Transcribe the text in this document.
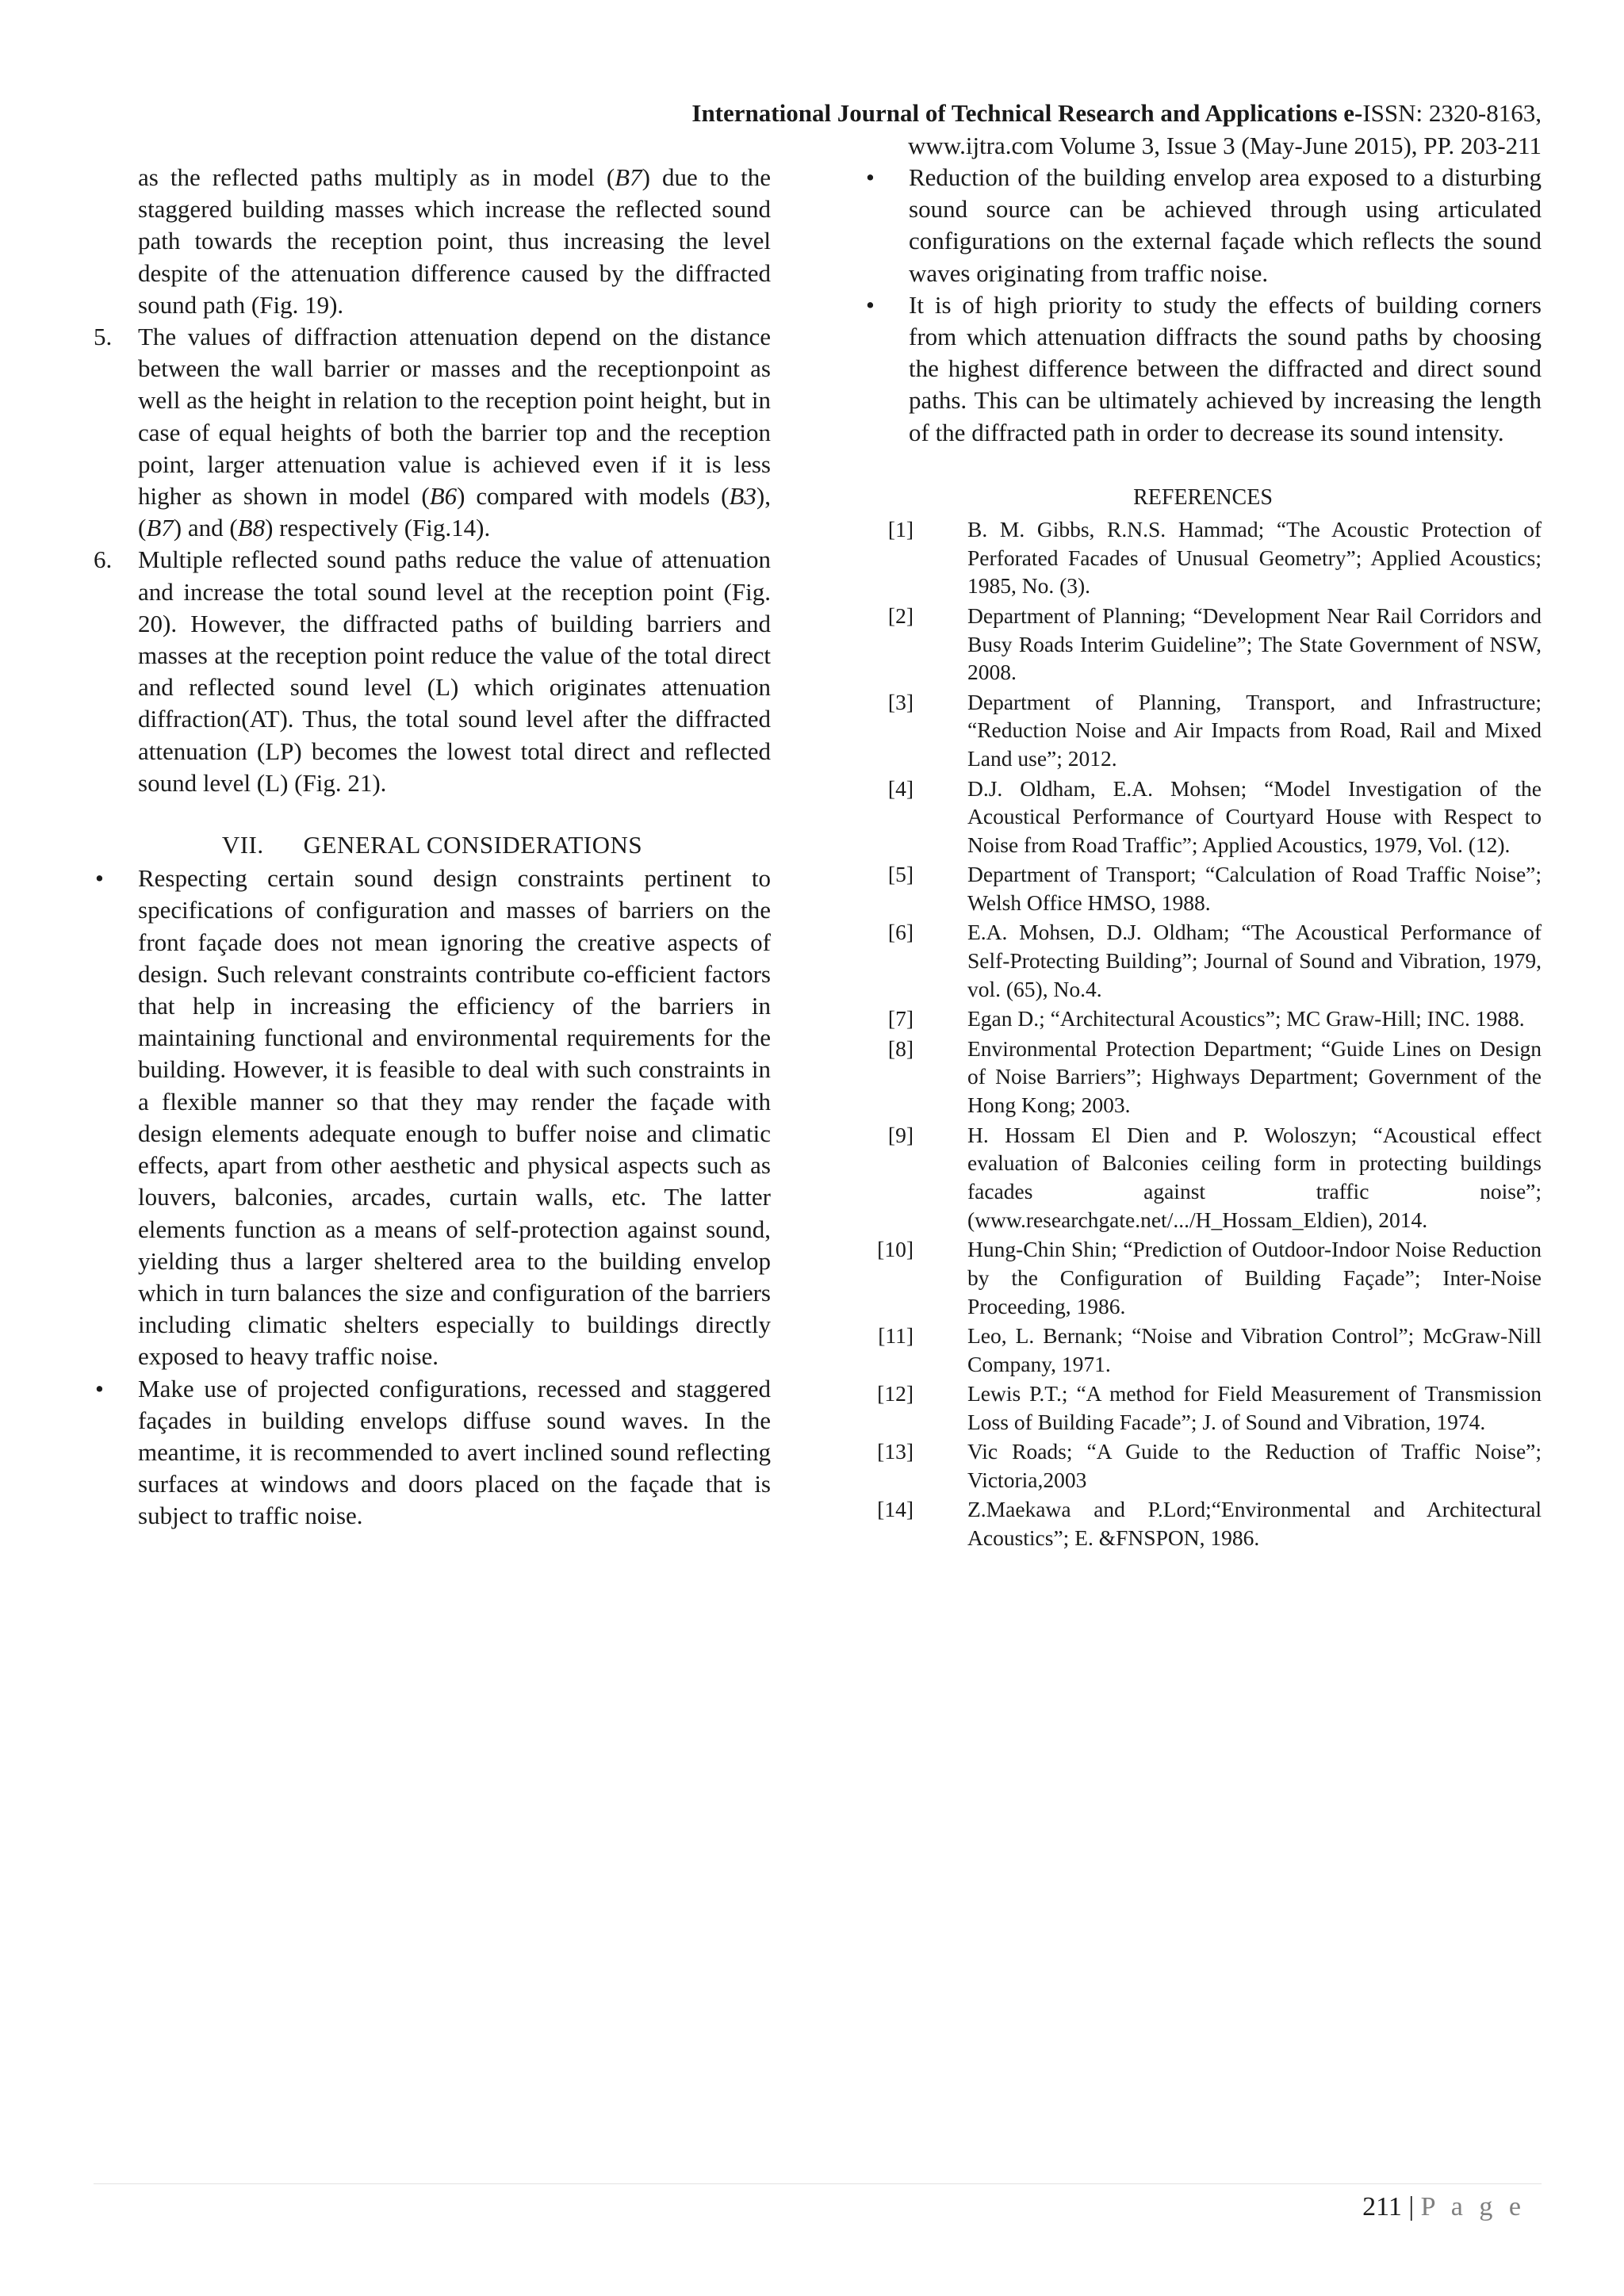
International Journal of Technical Research and Applications e-ISSN: 2320-8163,
www.ijtra.com Volume 3, Issue 3 (May-June 2015), PP. 203-211

as the reflected paths multiply as in model (B7) due to the staggered building masses which increase the reflected sound path towards the reception point, thus increasing the level despite of the attenuation difference caused by the diffracted sound path (Fig. 19).

5. The values of diffraction attenuation depend on the distance between the wall barrier or masses and the receptionpoint as well as the height in relation to the reception point height, but in case of equal heights of both the barrier top and the reception point, larger attenuation value is achieved even if it is less higher as shown in model (B6) compared with models (B3), (B7) and (B8) respectively (Fig.14).
6. Multiple reflected sound paths reduce the value of attenuation and increase the total sound level at the reception point (Fig. 20). However, the diffracted paths of building barriers and masses at the reception point reduce the value of the total direct and reflected sound level (L) which originates attenuation diffraction(AT). Thus, the total sound level after the diffracted attenuation (LP) becomes the lowest total direct and reflected sound level (L) (Fig. 21).
VII. GENERAL CONSIDERATIONS
• Respecting certain sound design constraints pertinent to specifications of configuration and masses of barriers on the front façade does not mean ignoring the creative aspects of design. Such relevant constraints contribute co-efficient factors that help in increasing the efficiency of the barriers in maintaining functional and environmental requirements for the building. However, it is feasible to deal with such constraints in a flexible manner so that they may render the façade with design elements adequate enough to buffer noise and climatic effects, apart from other aesthetic and physical aspects such as louvers, balconies, arcades, curtain walls, etc. The latter elements function as a means of self-protection against sound, yielding thus a larger sheltered area to the building envelop which in turn balances the size and configuration of the barriers including climatic shelters especially to buildings directly exposed to heavy traffic noise.
• Make use of projected configurations, recessed and staggered façades in building envelops diffuse sound waves. In the meantime, it is recommended to avert inclined sound reflecting surfaces at windows and doors placed on the façade that is subject to traffic noise.
• Reduction of the building envelop area exposed to a disturbing sound source can be achieved through using articulated configurations on the external façade which reflects the sound waves originating from traffic noise.
• It is of high priority to study the effects of building corners from which attenuation diffracts the sound paths by choosing the highest difference between the diffracted and direct sound paths. This can be ultimately achieved by increasing the length of the diffracted path in order to decrease its sound intensity.
REFERENCES
[1] B. M. Gibbs, R.N.S. Hammad; “The Acoustic Protection of Perforated Facades of Unusual Geometry”; Applied Acoustics; 1985, No. (3).
[2] Department of Planning; “Development Near Rail Corridors and Busy Roads Interim Guideline”; The State Government of NSW, 2008.
[3] Department of Planning, Transport, and Infrastructure; “Reduction Noise and Air Impacts from Road, Rail and Mixed Land use”; 2012.
[4] D.J. Oldham, E.A. Mohsen; “Model Investigation of the Acoustical Performance of Courtyard House with Respect to Noise from Road Traffic”; Applied Acoustics, 1979, Vol. (12).
[5] Department of Transport; “Calculation of Road Traffic Noise”; Welsh Office HMSO, 1988.
[6] E.A. Mohsen, D.J. Oldham; “The Acoustical Performance of Self-Protecting Building”; Journal of Sound and Vibration, 1979, vol. (65), No.4.
[7] Egan D.; “Architectural Acoustics”; MC Graw-Hill; INC. 1988.
[8] Environmental Protection Department; “Guide Lines on Design of Noise Barriers”; Highways Department; Government of the Hong Kong; 2003.
[9] H. Hossam El Dien and P. Woloszyn; “Acoustical effect evaluation of Balconies ceiling form in protecting buildings facades against traffic noise”; (www.researchgate.net/.../H_Hossam_Eldien), 2014.
[10] Hung-Chin Shin; “Prediction of Outdoor-Indoor Noise Reduction by the Configuration of Building Façade”; Inter-Noise Proceeding, 1986.
[11] Leo, L. Bernank; “Noise and Vibration Control”; McGraw-Nill Company, 1971.
[12] Lewis P.T.; “A method for Field Measurement of Transmission Loss of Building Facade”; J. of Sound and Vibration, 1974.
[13] Vic Roads; “A Guide to the Reduction of Traffic Noise”; Victoria,2003
[14] Z.Maekawa and P.Lord;“Environmental and Architectural Acoustics”; E. &FNSPON, 1986.
211 | P a g e
